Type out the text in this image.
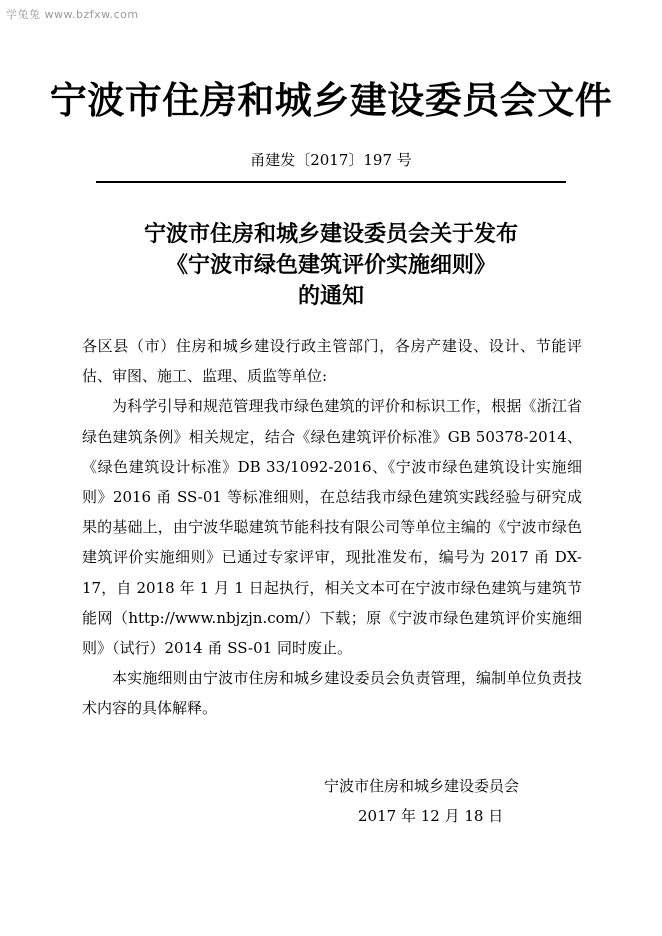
学兔兔 www.bzfxw.com
宁波市住房和城乡建设委员会文件
甬建发〔2017〕197 号
宁波市住房和城乡建设委员会关于发布
《宁波市绿色建筑评价实施细则》
的通知

各区县（市）住房和城乡建设行政主管部门，各房产建设、设计、节能评估、审图、施工、监理、质监等单位:

为科学引导和规范管理我市绿色建筑的评价和标识工作，根据《浙江省绿色建筑条例》相关规定，结合《绿色建筑评价标准》GB 50378-2014、《绿色建筑设计标准》DB 33/1092-2016、《宁波市绿色建筑设计实施细则》2016 甬 SS-01 等标准细则，在总结我市绿色建筑实践经验与研究成果的基础上，由宁波华聪建筑节能科技有限公司等单位主编的《宁波市绿色建筑评价实施细则》已通过专家评审，现批准发布，编号为 2017 甬 DX-17，自 2018 年 1 月 1 日起执行，相关文本可在宁波市绿色建筑与建筑节能网（http://www.nbjzjn.com/）下载；原《宁波市绿色建筑评价实施细则》（试行）2014 甬 SS-01 同时废止。

本实施细则由宁波市住房和城乡建设委员会负责管理，编制单位负责技术内容的具体解释。

宁波市住房和城乡建设委员会
2017 年 12 月 18 日
